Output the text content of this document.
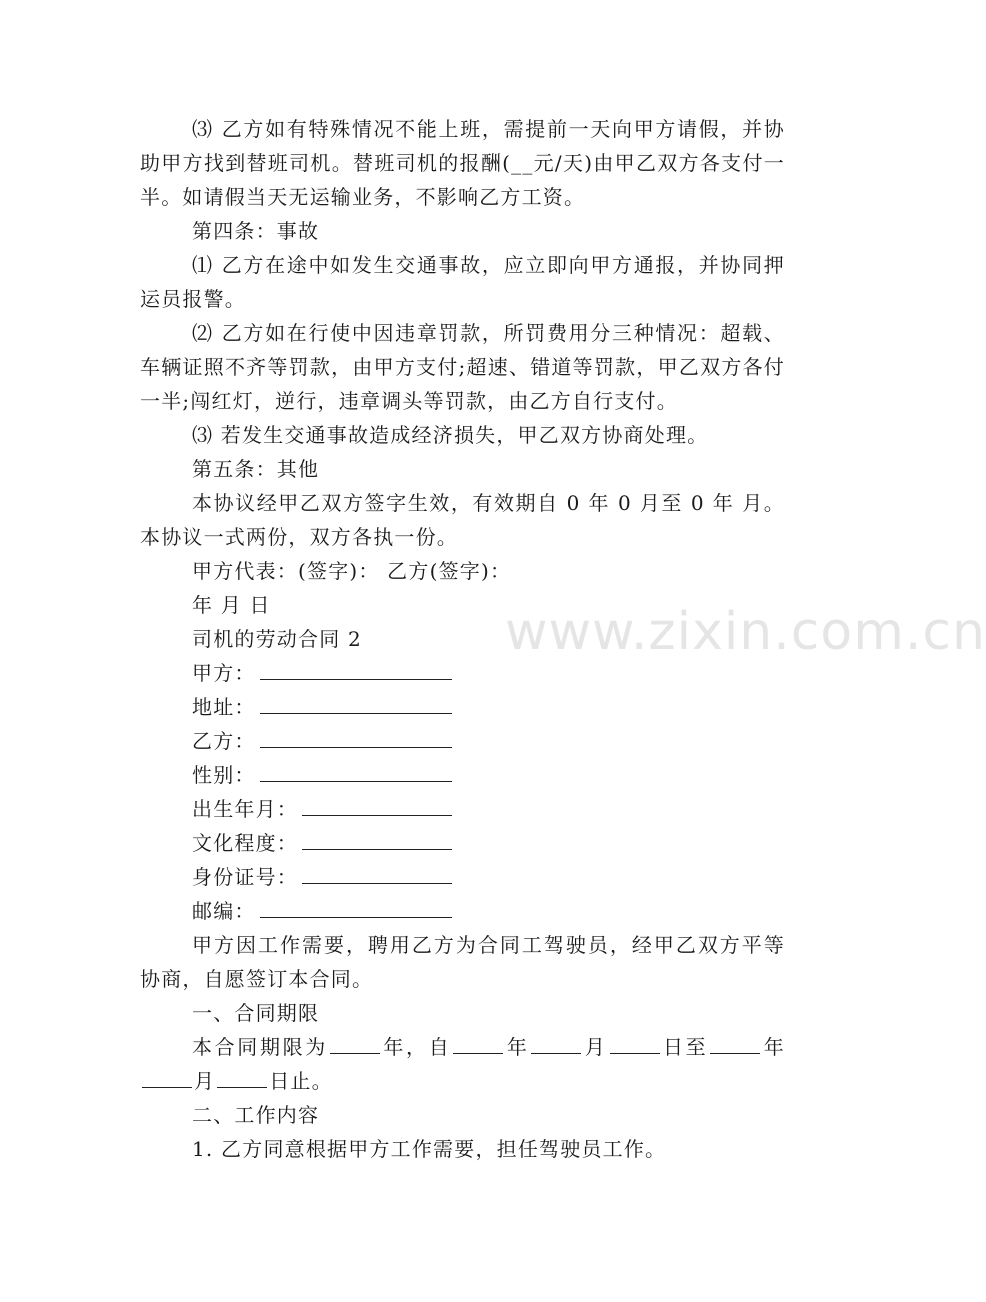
⑶ 乙方如有特殊情况不能上班，需提前一天向甲方请假，并协助甲方找到替班司机。替班司机的报酬(__元/天)由甲乙双方各支付一半。如请假当天无运输业务，不影响乙方工资。

第四条：事故

⑴ 乙方在途中如发生交通事故，应立即向甲方通报，并协同押运员报警。

⑵ 乙方如在行使中因违章罚款，所罚费用分三种情况：超载、车辆证照不齐等罚款，由甲方支付;超速、错道等罚款，甲乙双方各付一半;闯红灯，逆行，违章调头等罚款，由乙方自行支付。

⑶ 若发生交通事故造成经济损失，甲乙双方协商处理。

第五条：其他

本协议经甲乙双方签字生效，有效期自 0 年 0 月至 0 年 月。本协议一式两份，双方各执一份。

甲方代表：(签字)： 乙方(签字)：

年 月 日

司机的劳动合同 2

甲方：

地址：

乙方：

性别：

出生年月：

文化程度：

身份证号：

邮编：

甲方因工作需要，聘用乙方为合同工驾驶员，经甲乙双方平等协商，自愿签订本合同。

一、合同期限

本合同期限为	年，自	年	月	日至	年月	日止。

二、工作内容

1. 乙方同意根据甲方工作需要，担任驾驶员工作。

www.zixin.com.cn
